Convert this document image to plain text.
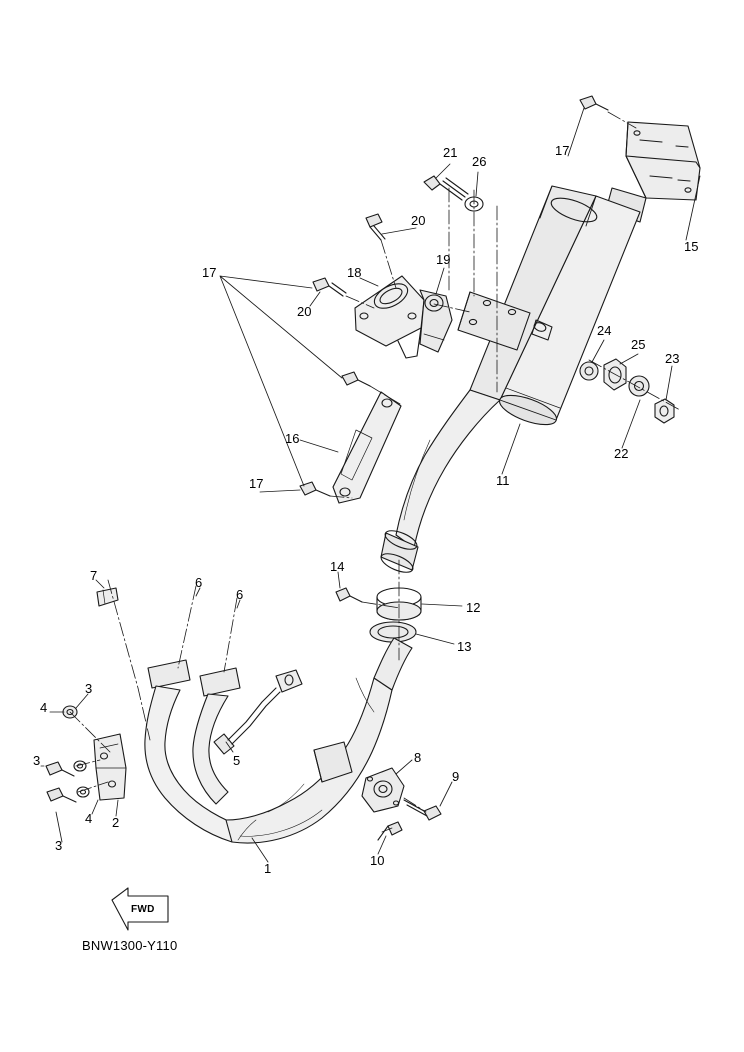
1
2
3
3
3
4
4
5
6
6
7
8
9
10
11
12
13
14
15
16
17
17
17
18
19
20
20
21
22
23
24
25
26
FWD
BNW1300-Y110
